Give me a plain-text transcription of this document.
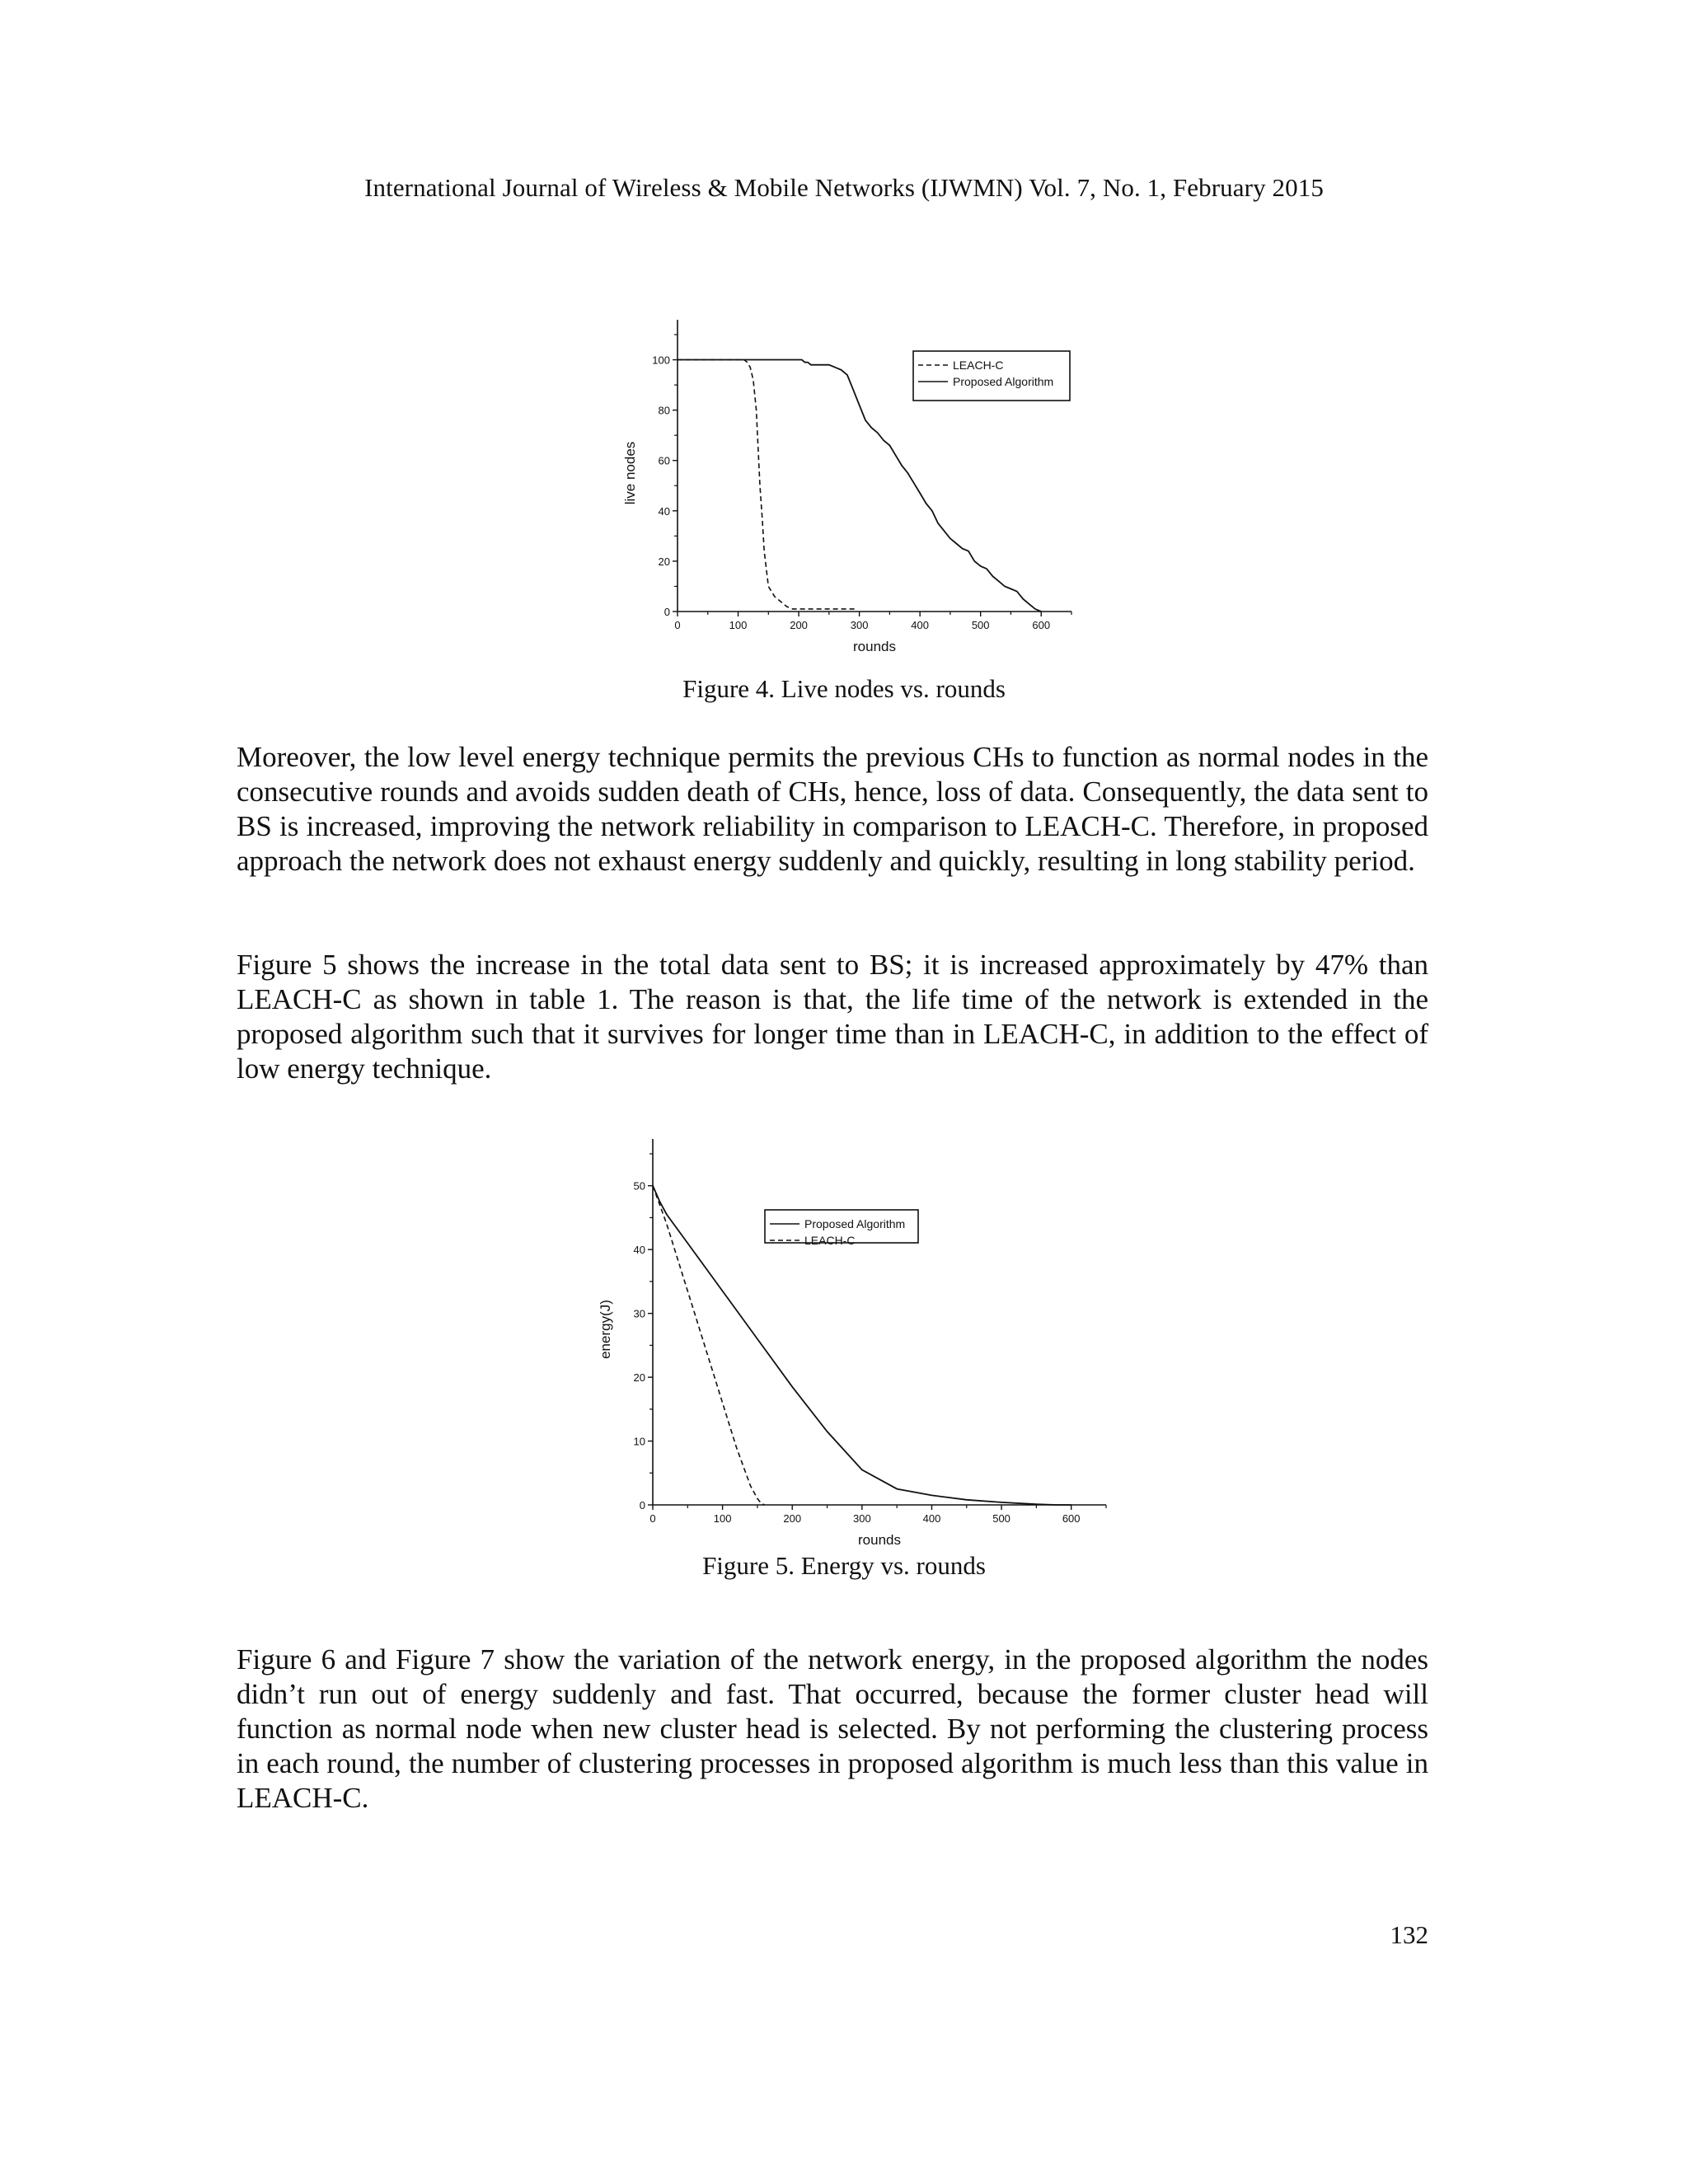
International Journal of Wireless & Mobile Networks (IJWMN) Vol. 7, No. 1, February 2015
0	100	200	300	400	500	600
0
20
40
60
80
100
rounds
live nodes
LEACH-C
Proposed Algorithm
Figure 4. Live nodes vs. rounds

Moreover, the low level energy technique permits the previous CHs to function as normal nodes in the consecutive rounds and avoids sudden death of CHs, hence, loss of data. Consequently, the data sent to BS is increased, improving the network reliability in comparison to LEACH-C. Therefore, in proposed approach the network does not exhaust energy suddenly and quickly, resulting in long stability period.

Figure 5 shows the increase in the total data sent to BS; it is increased approximately by 47% than LEACH-C as shown in table 1. The reason is that, the life time of the network is extended in the proposed algorithm such that it survives for longer time than in LEACH-C, in addition to the effect of low energy technique.

0	100	200	300	400	500	600
0
10
20
30
40
50
rounds
energy(J)
Proposed Algorithm
LEACH-C
Figure 5. Energy vs. rounds

Figure 6 and Figure 7 show the variation of the network energy, in the proposed algorithm the nodes didn’t run out of energy suddenly and fast. That occurred, because the former cluster head will function as normal node when new cluster head is selected. By not performing the clustering process in each round, the number of clustering processes in proposed algorithm is much less than this value in LEACH-C.

132
